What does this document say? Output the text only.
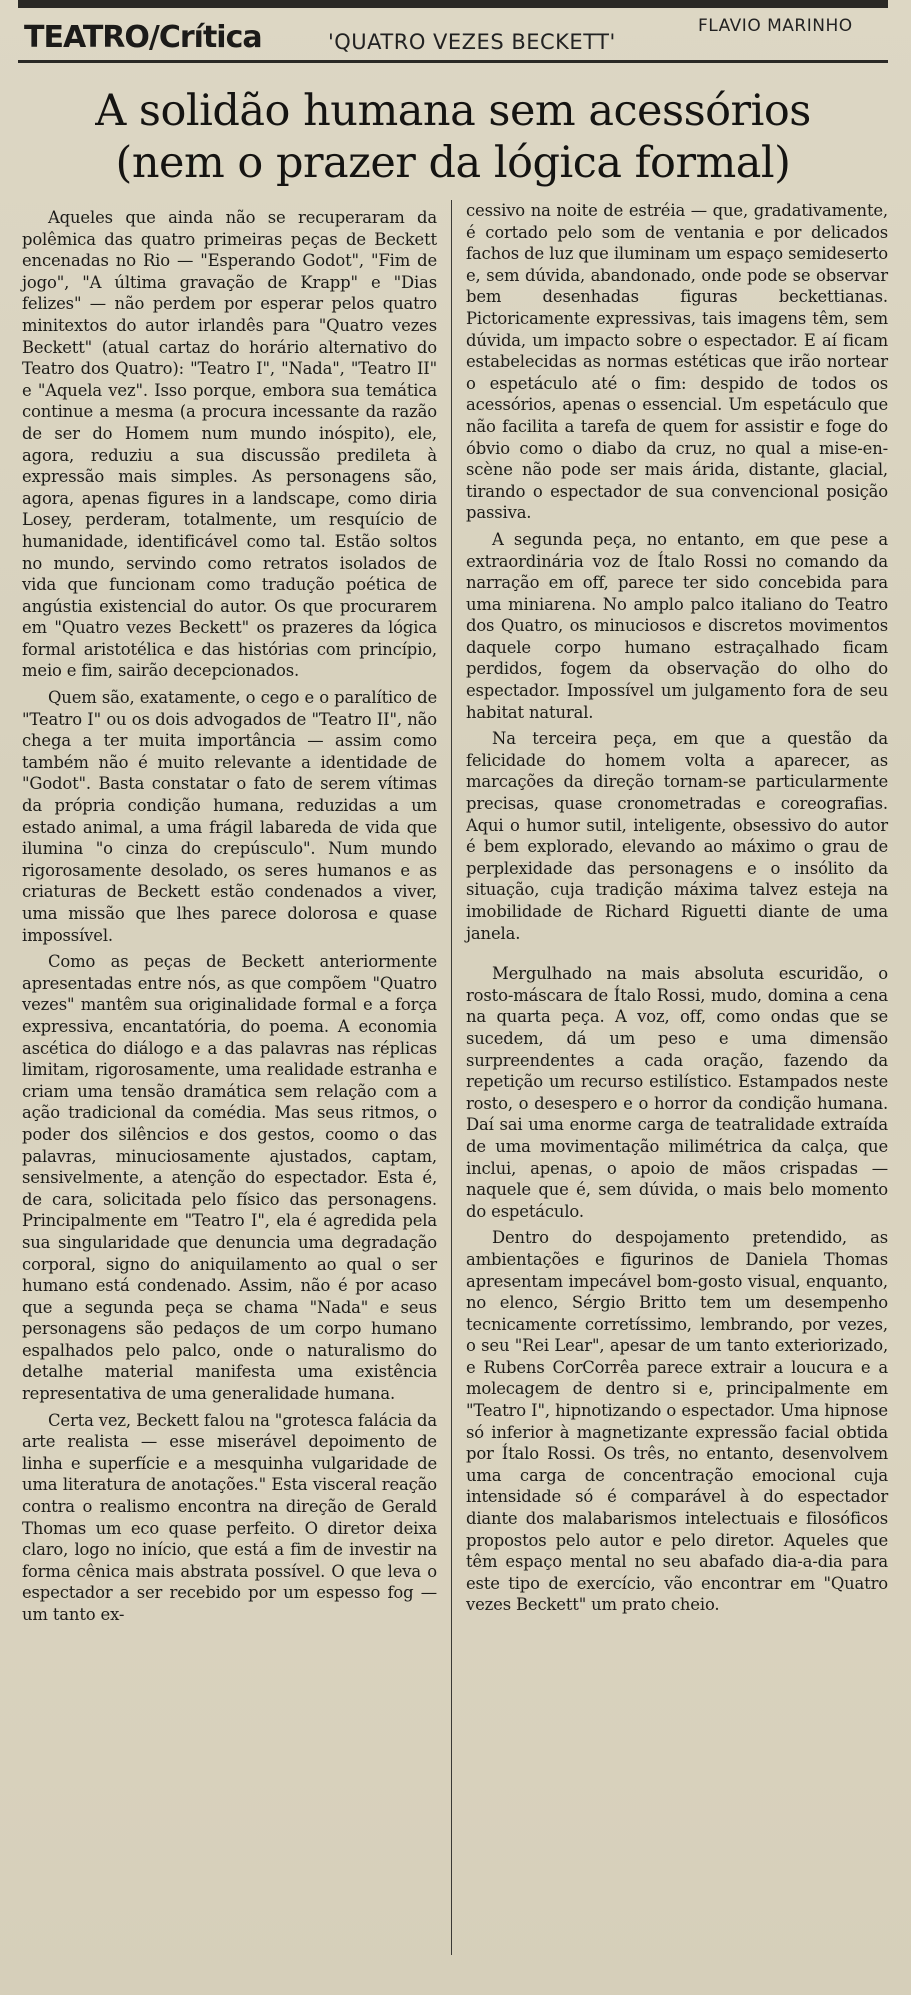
TEATRO/Crítica	'QUATRO VEZES BECKETT'
FLAVIO MARINHO
A solidão humana sem acessórios
(nem o prazer da lógica formal)

Aqueles que ainda não se recuperaram da polêmica das quatro primeiras peças de Beckett encenadas no Rio — "Esperando Godot", "Fim de jogo", "A última gravação de Krapp" e "Dias felizes" — não perdem por esperar pelos quatro minitextos do autor irlandês para "Quatro vezes Beckett" (atual cartaz do horário alternativo do Teatro dos Quatro): "Teatro I", "Nada", "Teatro II" e "Aquela vez". Isso porque, embora sua temática continue a mesma (a procura incessante da razão de ser do Homem num mundo inóspito), ele, agora, reduziu a sua discussão predileta à expressão mais simples. As personagens são, agora, apenas figures in a landscape, como diria Losey, perderam, totalmente, um resquício de humanidade, identificável como tal. Estão soltos no mundo, servindo como retratos isolados de vida que funcionam como tradução poética de angústia existencial do autor. Os que procurarem em "Quatro vezes Beckett" os prazeres da lógica formal aristotélica e das histórias com princípio, meio e fim, sairão decepcionados.

Quem são, exatamente, o cego e o paralítico de "Teatro I" ou os dois advogados de "Teatro II", não chega a ter muita importância — assim como também não é muito relevante a identidade de "Godot". Basta constatar o fato de serem vítimas da própria condição humana, reduzidas a um estado animal, a uma frágil labareda de vida que ilumina "o cinza do crepúsculo". Num mundo rigorosamente desolado, os seres humanos e as criaturas de Beckett estão condenados a viver, uma missão que lhes parece dolorosa e quase impossível.

Como as peças de Beckett anteriormente apresentadas entre nós, as que compõem "Quatro vezes" mantêm sua originalidade formal e a força expressiva, encantatória, do poema. A economia ascética do diálogo e a das palavras nas réplicas limitam, rigorosamente, uma realidade estranha e criam uma tensão dramática sem relação com a ação tradicional da comédia. Mas seus ritmos, o poder dos silêncios e dos gestos, coomo o das palavras, minuciosamente ajustados, captam, sensivelmente, a atenção do espectador. Esta é, de cara, solicitada pelo físico das personagens. Principalmente em "Teatro I", ela é agredida pela sua singularidade que denuncia uma degradação corporal, signo do aniquilamento ao qual o ser humano está condenado. Assim, não é por acaso que a segunda peça se chama "Nada" e seus personagens são pedaços de um corpo humano espalhados pelo palco, onde o naturalismo do detalhe material manifesta uma existência representativa de uma generalidade humana.

Certa vez, Beckett falou na "grotesca falácia da arte realista — esse miserável depoimento de linha e superfície e a mesquinha vulgaridade de uma literatura de anotações." Esta visceral reação contra o realismo encontra na direção de Gerald Thomas um eco quase perfeito. O diretor deixa claro, logo no início, que está a fim de investir na forma cênica mais abstrata possível. O que leva o espectador a ser recebido por um espesso fog — um tanto ex-

cessivo na noite de estréia — que, gradativamente, é cortado pelo som de ventania e por delicados fachos de luz que iluminam um espaço semideserto e, sem dúvida, abandonado, onde pode se observar bem desenhadas figuras beckettianas. Pictoricamente expressivas, tais imagens têm, sem dúvida, um impacto sobre o espectador. E aí ficam estabelecidas as normas estéticas que irão nortear o espetáculo até o fim: despido de todos os acessórios, apenas o essencial. Um espetáculo que não facilita a tarefa de quem for assistir e foge do óbvio como o diabo da cruz, no qual a mise-en-scène não pode ser mais árida, distante, glacial, tirando o espectador de sua convencional posição passiva.

A segunda peça, no entanto, em que pese a extraordinária voz de Ítalo Rossi no comando da narração em off, parece ter sido concebida para uma miniarena. No amplo palco italiano do Teatro dos Quatro, os minuciosos e discretos movimentos daquele corpo humano estraçalhado ficam perdidos, fogem da observação do olho do espectador. Impossível um julgamento fora de seu habitat natural.

Na terceira peça, em que a questão da felicidade do homem volta a aparecer, as marcações da direção tornam-se particularmente precisas, quase cronometradas e coreografias. Aqui o humor sutil, inteligente, obsessivo do autor é bem explorado, elevando ao máximo o grau de perplexidade das personagens e o insólito da situação, cuja tradição máxima talvez esteja na imobilidade de Richard Riguetti diante de uma janela.

Mergulhado na mais absoluta escuridão, o rosto-máscara de Ítalo Rossi, mudo, domina a cena na quarta peça. A voz, off, como ondas que se sucedem, dá um peso e uma dimensão surpreendentes a cada oração, fazendo da repetição um recurso estilístico. Estampados neste rosto, o desespero e o horror da condição humana. Daí sai uma enorme carga de teatralidade extraída de uma movimentação milimétrica da calça, que inclui, apenas, o apoio de mãos crispadas — naquele que é, sem dúvida, o mais belo momento do espetáculo.

Dentro do despojamento pretendido, as ambientações e figurinos de Daniela Thomas apresentam impecável bom-gosto visual, enquanto, no elenco, Sérgio Britto tem um desempenho tecnicamente corretíssimo, lembrando, por vezes, o seu "Rei Lear", apesar de um tanto exteriorizado, e Rubens CorCorrêa parece extrair a loucura e a molecagem de dentro si e, principalmente em "Teatro I", hipnotizando o espectador. Uma hipnose só inferior à magnetizante expressão facial obtida por Ítalo Rossi. Os três, no entanto, desenvolvem uma carga de concentração emocional cuja intensidade só é comparável à do espectador diante dos malabarismos intelectuais e filosóficos propostos pelo autor e pelo diretor. Aqueles que têm espaço mental no seu abafado dia-a-dia para este tipo de exercício, vão encontrar em "Quatro vezes Beckett" um prato cheio.
